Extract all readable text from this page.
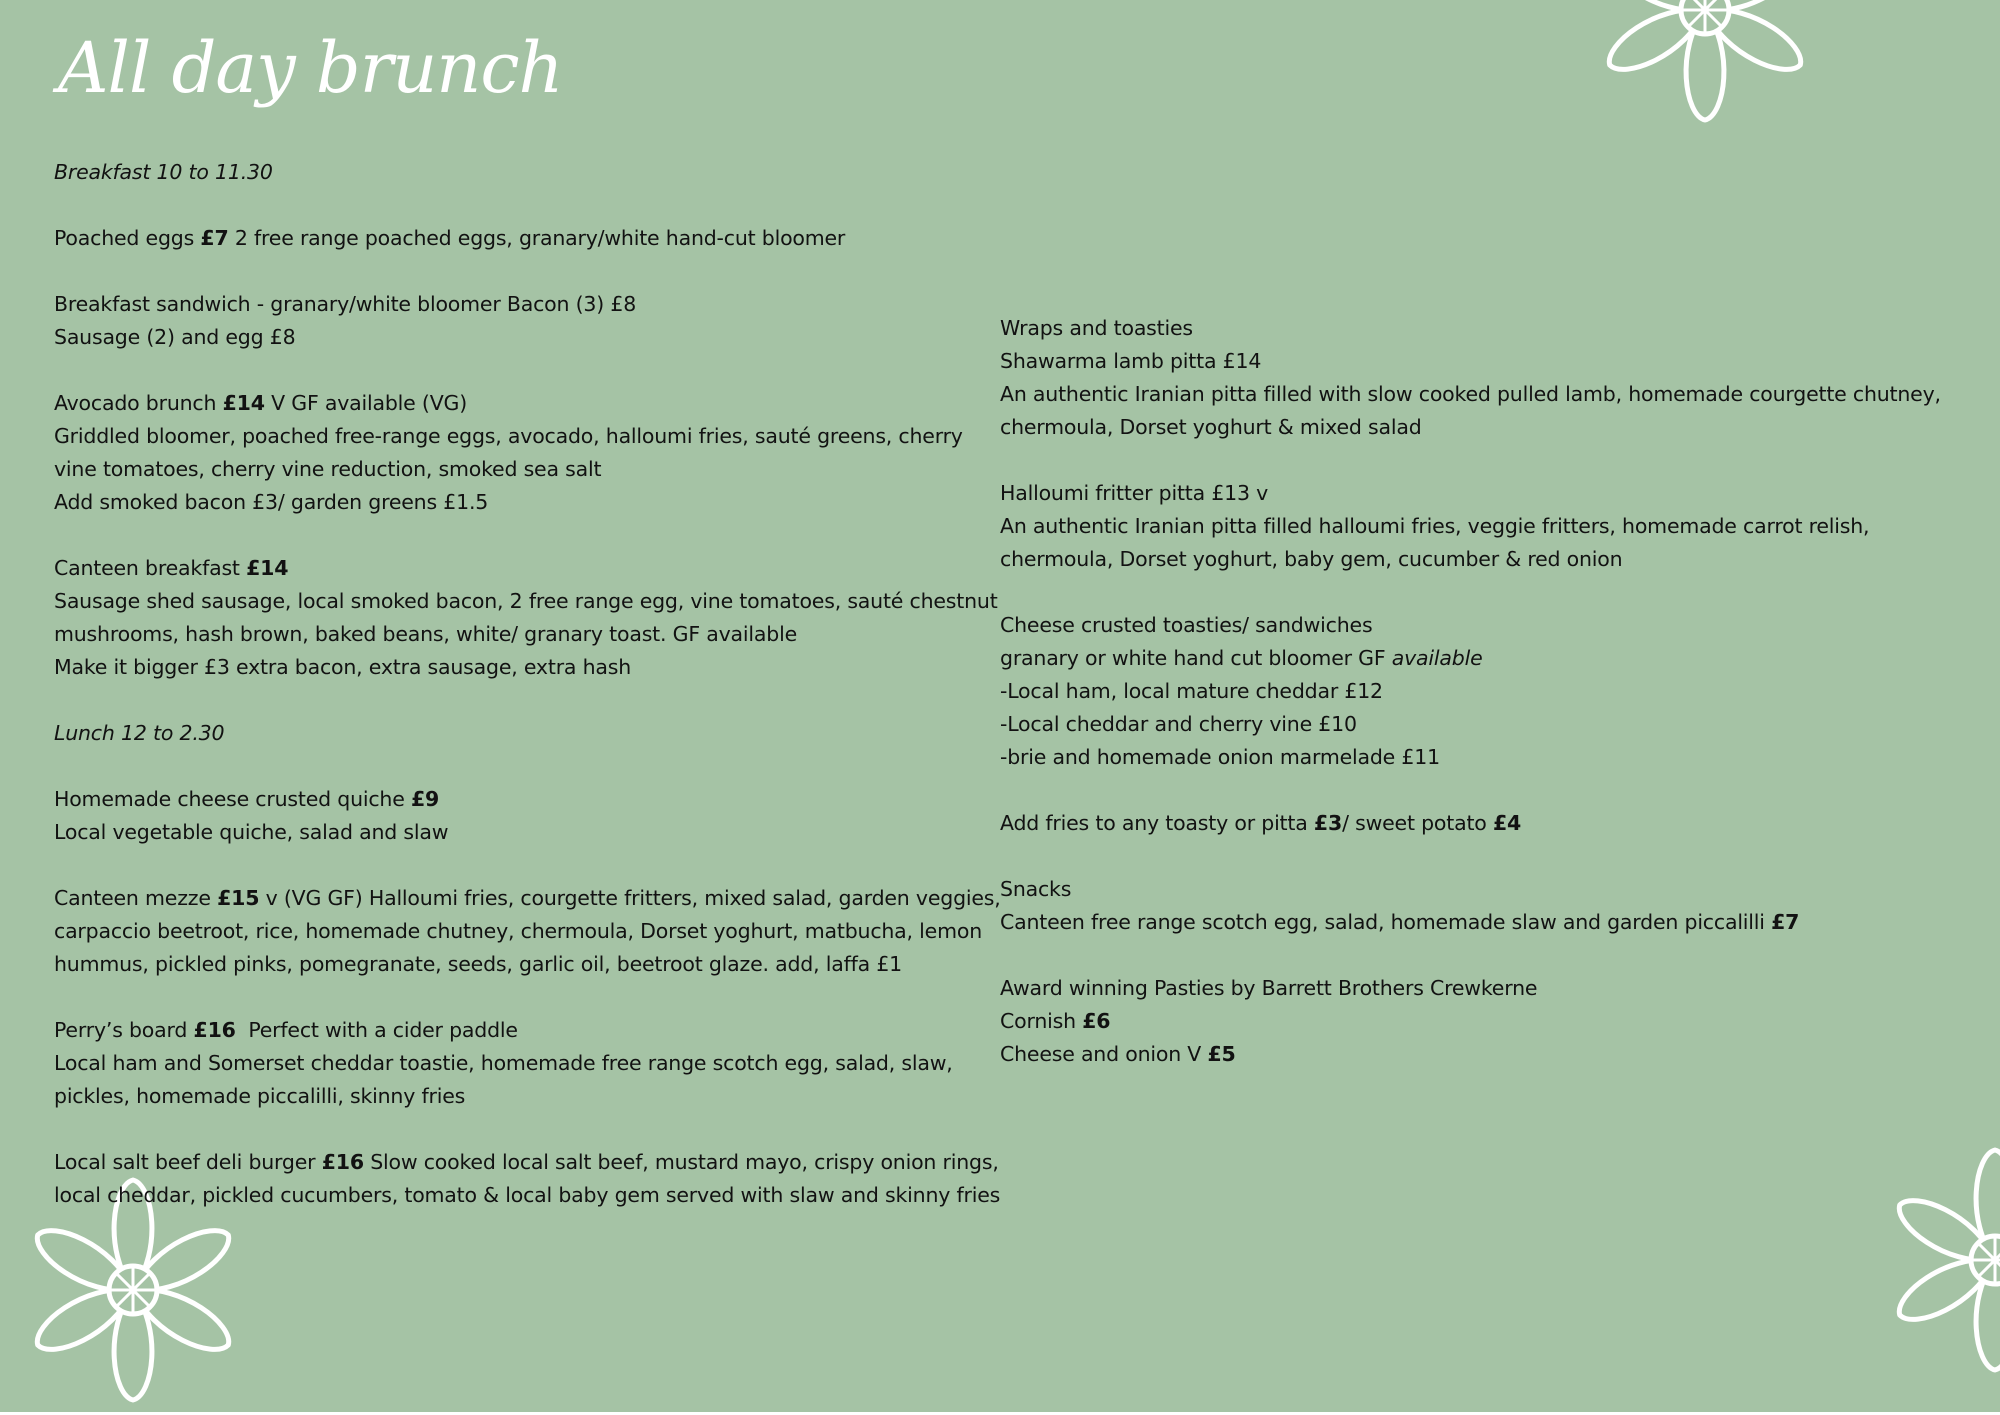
All day brunch

Breakfast 10 to 11.30

Poached eggs £7 2 free range poached eggs, granary/white hand-cut bloomer

Breakfast sandwich - granary/white bloomer Bacon (3) £8

Sausage (2) and egg £8

Avocado brunch £14 V GF available (VG)

Griddled bloomer, poached free-range eggs, avocado, halloumi fries, sauté greens, cherry vine tomatoes, cherry vine reduction, smoked sea salt

Add smoked bacon £3/ garden greens £1.5

Canteen breakfast £14

Sausage shed sausage, local smoked bacon, 2 free range egg, vine tomatoes, sauté chestnut mushrooms, hash brown, baked beans, white/ granary toast. GF available

Make it bigger £3 extra bacon, extra sausage, extra hash

Lunch 12 to 2.30

Homemade cheese crusted quiche £9

Local vegetable quiche, salad and slaw

Canteen mezze £15 v (VG GF) Halloumi fries, courgette fritters, mixed salad, garden veggies, carpaccio beetroot, rice, homemade chutney, chermoula, Dorset yoghurt, matbucha, lemon hummus, pickled pinks, pomegranate, seeds, garlic oil, beetroot glaze. add, laffa £1

Perry’s board £16  Perfect with a cider paddle

Local ham and Somerset cheddar toastie, homemade free range scotch egg, salad, slaw, pickles, homemade piccalilli, skinny fries

Local salt beef deli burger £16 Slow cooked local salt beef, mustard mayo, crispy onion rings, local cheddar, pickled cucumbers, tomato & local baby gem served with slaw and skinny fries

Wraps and toasties

Shawarma lamb pitta £14

An authentic Iranian pitta filled with slow cooked pulled lamb, homemade courgette chutney, chermoula, Dorset yoghurt & mixed salad

Halloumi fritter pitta £13 v

An authentic Iranian pitta filled halloumi fries, veggie fritters, homemade carrot relish, chermoula, Dorset yoghurt, baby gem, cucumber & red onion

Cheese crusted toasties/ sandwiches

granary or white hand cut bloomer GF available

-Local ham, local mature cheddar £12

-Local cheddar and cherry vine £10

-brie and homemade onion marmelade £11

Add fries to any toasty or pitta £3/ sweet potato £4

Snacks

Canteen free range scotch egg, salad, homemade slaw and garden piccalilli £7

Award winning Pasties by Barrett Brothers Crewkerne

Cornish £6

Cheese and onion V £5
